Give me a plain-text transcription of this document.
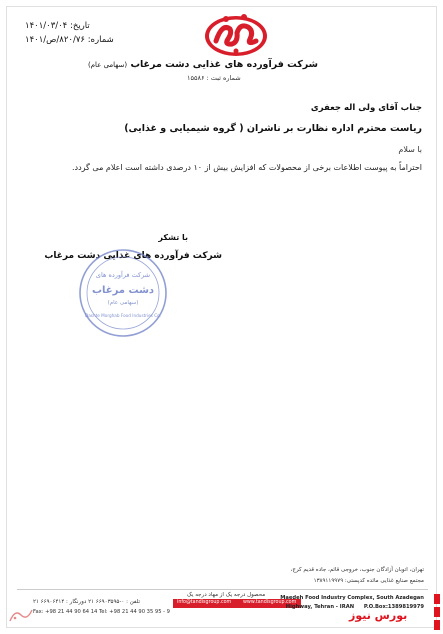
تاریخ: ۱۴۰۱/۰۳/۰۴
شماره: ۸۲۰/۷۶/ص/۱۴۰۱
شرکت فرآورده های غذایی دشت مرغاب (سهامی عام)
شماره ثبت : ۱۵۵۸۶
جناب آقای ولی اله جعفری
ریاست محترم اداره نظارت بر ناشران ( گروه شیمیایی و غذایی)
با سلام
احتراماً به پیوست اطلاعات برخی از محصولات که افزایش بیش از ۱۰ درصدی داشته است اعلام می گردد.
با تشکر
شرکت فرآورده های غذایی دشت مرغاب
شرکت فرآورده های
دشت مرغاب
(سهامی عام)
Dashte Morghab Food Industries Co.
تهران، اتوبان آزادگان جنوب، خروجی قائم، جاده قدیم کرج،
مجتمع صنایع غذایی مائده کدپستی: ۱۳۸۹۱۱۹۹۷۹
محصول درجه یک از مهاد درجه یک
info@tandisgroup.com www.tandisgroup.com
تلفن : ۰-۶۶۹۰۳۵۹۵ ۲۱ دورنگار : ۶۶۹۰۶۴۱۴ ۲۱
Fax: +98 21 44 90 64 14 Tel: +98 21 44 90 35 95 - 9
Maedeh Food Industry Complex, South Azadegan
Highway, Tehran - IRAN P.O.Box:1389819979
بورس نیوز
